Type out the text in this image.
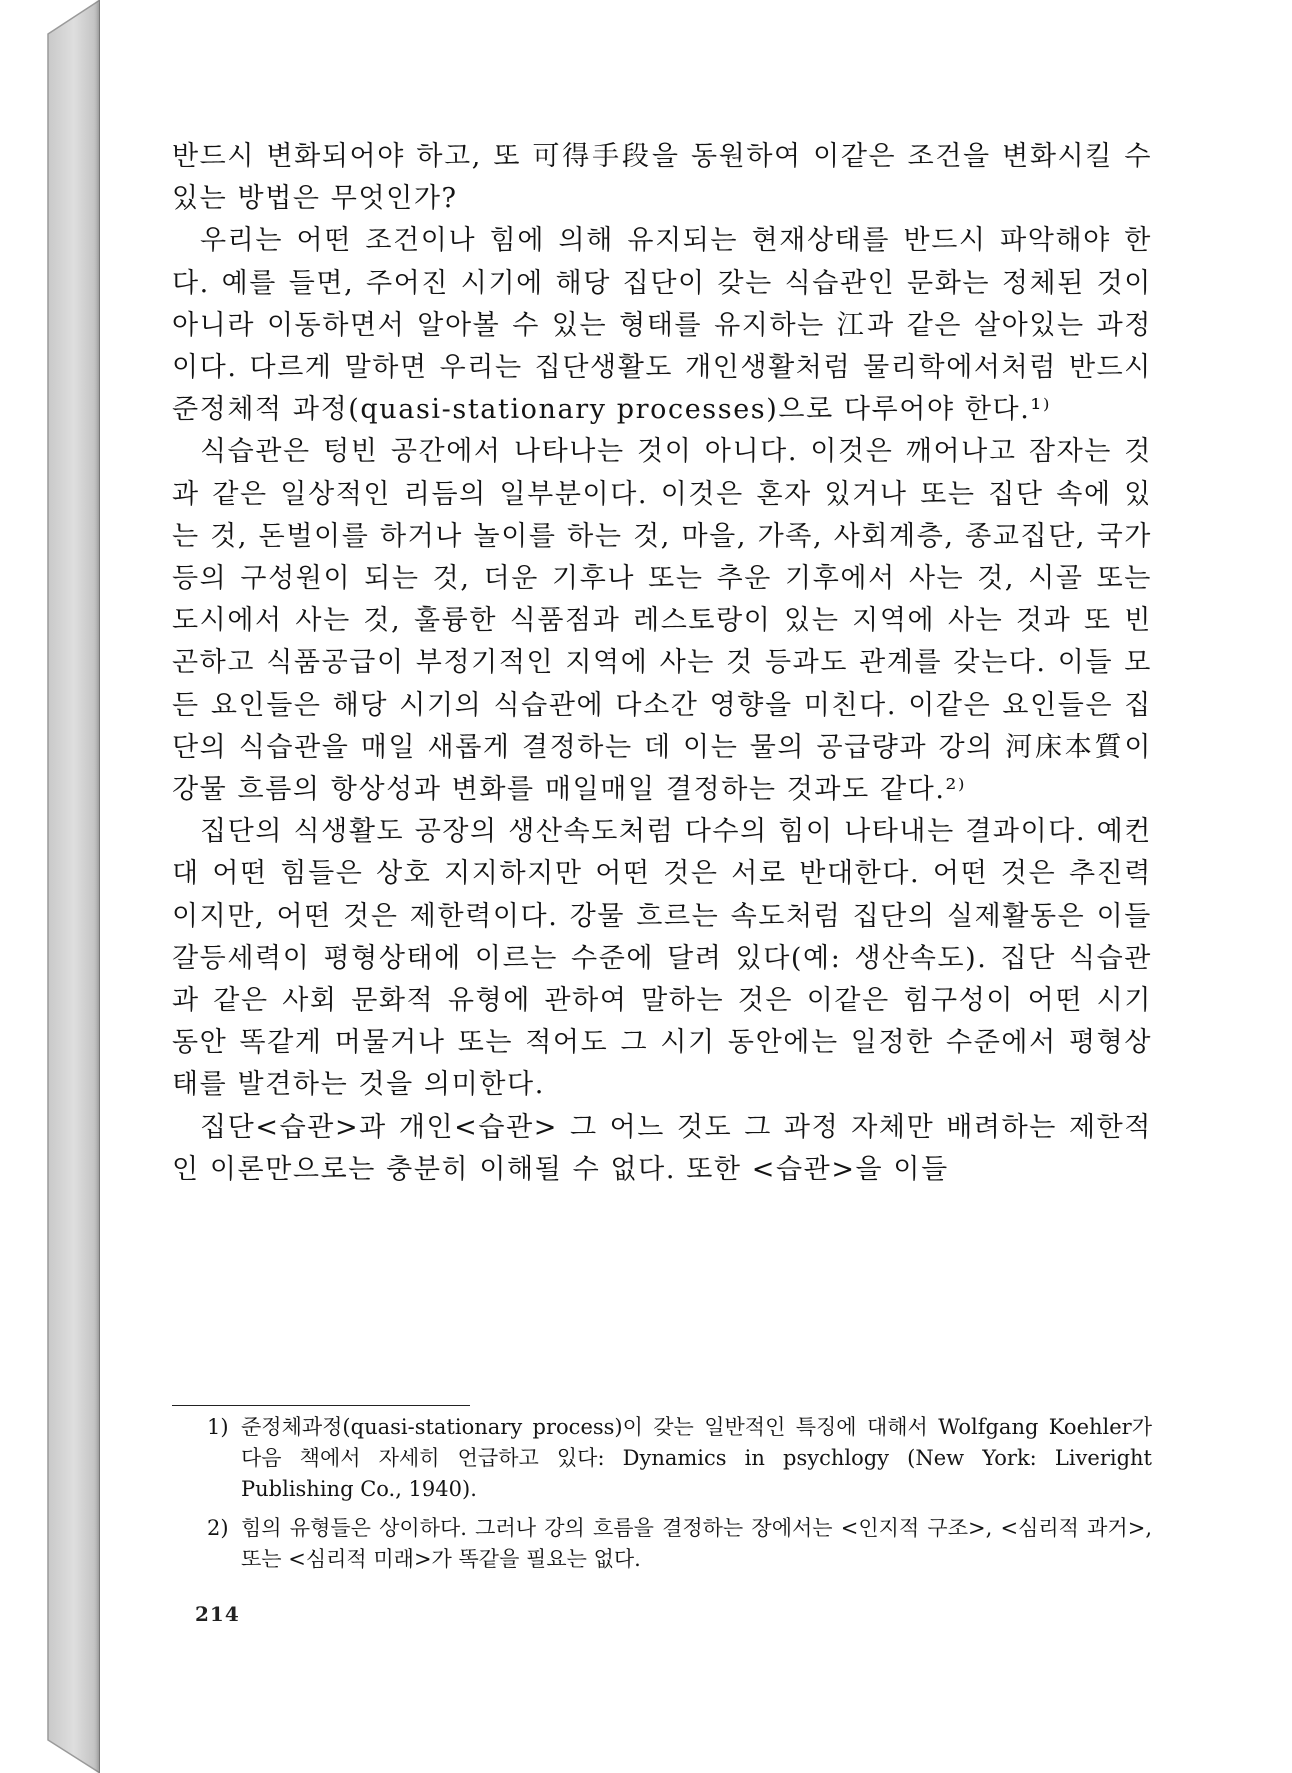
반드시 변화되어야 하고, 또 可得手段을 동원하여 이같은 조건을 변화시킬 수 있는 방법은 무엇인가?

우리는 어떤 조건이나 힘에 의해 유지되는 현재상태를 반드시 파악해야 한다. 예를 들면, 주어진 시기에 해당 집단이 갖는 식습관인 문화는 정체된 것이 아니라 이동하면서 알아볼 수 있는 형태를 유지하는 江과 같은 살아있는 과정이다. 다르게 말하면 우리는 집단생활도 개인생활처럼 물리학에서처럼 반드시 준정체적 과정(quasi-stationary processes)으로 다루어야 한다.¹⁾

식습관은 텅빈 공간에서 나타나는 것이 아니다. 이것은 깨어나고 잠자는 것과 같은 일상적인 리듬의 일부분이다. 이것은 혼자 있거나 또는 집단 속에 있는 것, 돈벌이를 하거나 놀이를 하는 것, 마을, 가족, 사회계층, 종교집단, 국가 등의 구성원이 되는 것, 더운 기후나 또는 추운 기후에서 사는 것, 시골 또는 도시에서 사는 것, 훌륭한 식품점과 레스토랑이 있는 지역에 사는 것과 또 빈곤하고 식품공급이 부정기적인 지역에 사는 것 등과도 관계를 갖는다. 이들 모든 요인들은 해당 시기의 식습관에 다소간 영향을 미친다. 이같은 요인들은 집단의 식습관을 매일 새롭게 결정하는 데 이는 물의 공급량과 강의 河床本質이 강물 흐름의 항상성과 변화를 매일매일 결정하는 것과도 같다.²⁾

집단의 식생활도 공장의 생산속도처럼 다수의 힘이 나타내는 결과이다. 예컨대 어떤 힘들은 상호 지지하지만 어떤 것은 서로 반대한다. 어떤 것은 추진력이지만, 어떤 것은 제한력이다. 강물 흐르는 속도처럼 집단의 실제활동은 이들 갈등세력이 평형상태에 이르는 수준에 달려 있다(예: 생산속도). 집단 식습관과 같은 사회 문화적 유형에 관하여 말하는 것은 이같은 힘구성이 어떤 시기 동안 똑같게 머물거나 또는 적어도 그 시기 동안에는 일정한 수준에서 평형상태를 발견하는 것을 의미한다.

집단<습관>과 개인<습관> 그 어느 것도 그 과정 자체만 배려하는 제한적인 이론만으로는 충분히 이해될 수 없다. 또한 <습관>을 이들

1) 준정체과정(quasi-stationary process)이 갖는 일반적인 특징에 대해서 Wolfgang Koehler가 다음 책에서 자세히 언급하고 있다: Dynamics in psychlogy (New York: Liveright Publishing Co., 1940).
2) 힘의 유형들은 상이하다. 그러나 강의 흐름을 결정하는 장에서는 <인지적 구조>, <심리적 과거>, 또는 <심리적 미래>가 똑같을 필요는 없다.
214
